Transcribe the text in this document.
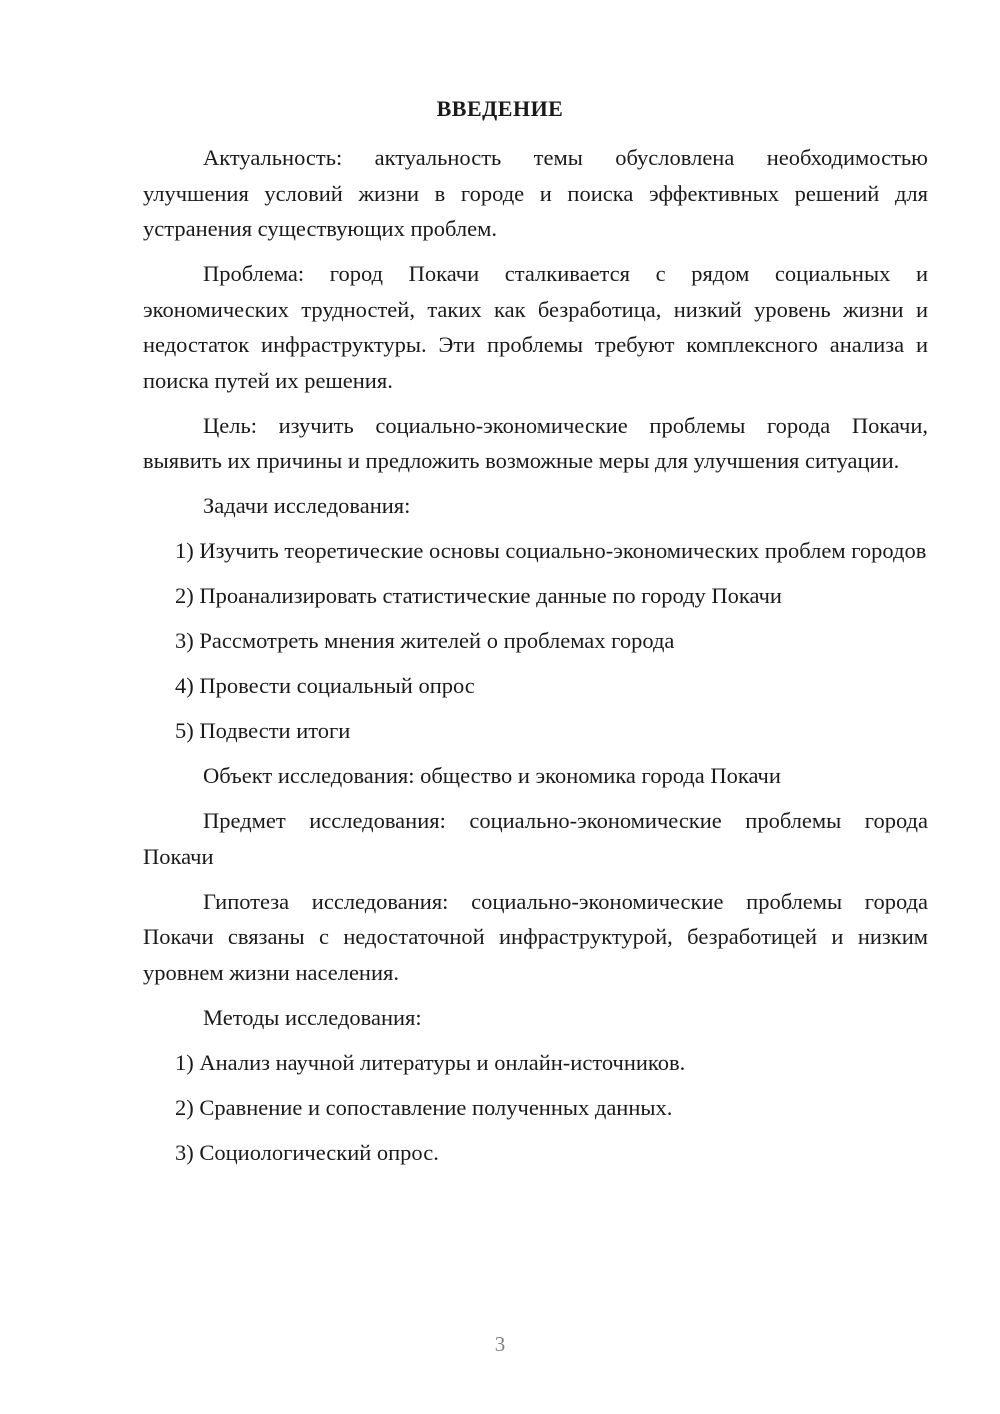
ВВЕДЕНИЕ

Актуальность: актуальность темы обусловлена необходимостью улучшения условий жизни в городе и поиска эффективных решений для устранения существующих проблем.

Проблема: город Покачи сталкивается с рядом социальных и экономических трудностей, таких как безработица, низкий уровень жизни и недостаток инфраструктуры. Эти проблемы требуют комплексного анализа и поиска путей их решения.

Цель: изучить социально-экономические проблемы города Покачи, выявить их причины и предложить возможные меры для улучшения ситуации.

Задачи исследования:

1) Изучить теоретические основы социально-экономических проблем городов

2) Проанализировать статистические данные по городу Покачи

3) Рассмотреть мнения жителей о проблемах города

4) Провести социальный опрос

5) Подвести итоги

Объект исследования: общество и экономика города Покачи

Предмет исследования: социально-экономические проблемы города Покачи

Гипотеза исследования: социально-экономические проблемы города Покачи связаны с недостаточной инфраструктурой, безработицей и низким уровнем жизни населения.

Методы исследования:

1) Анализ научной литературы и онлайн-источников.

2) Сравнение и сопоставление полученных данных.

3) Социологический опрос.

3
